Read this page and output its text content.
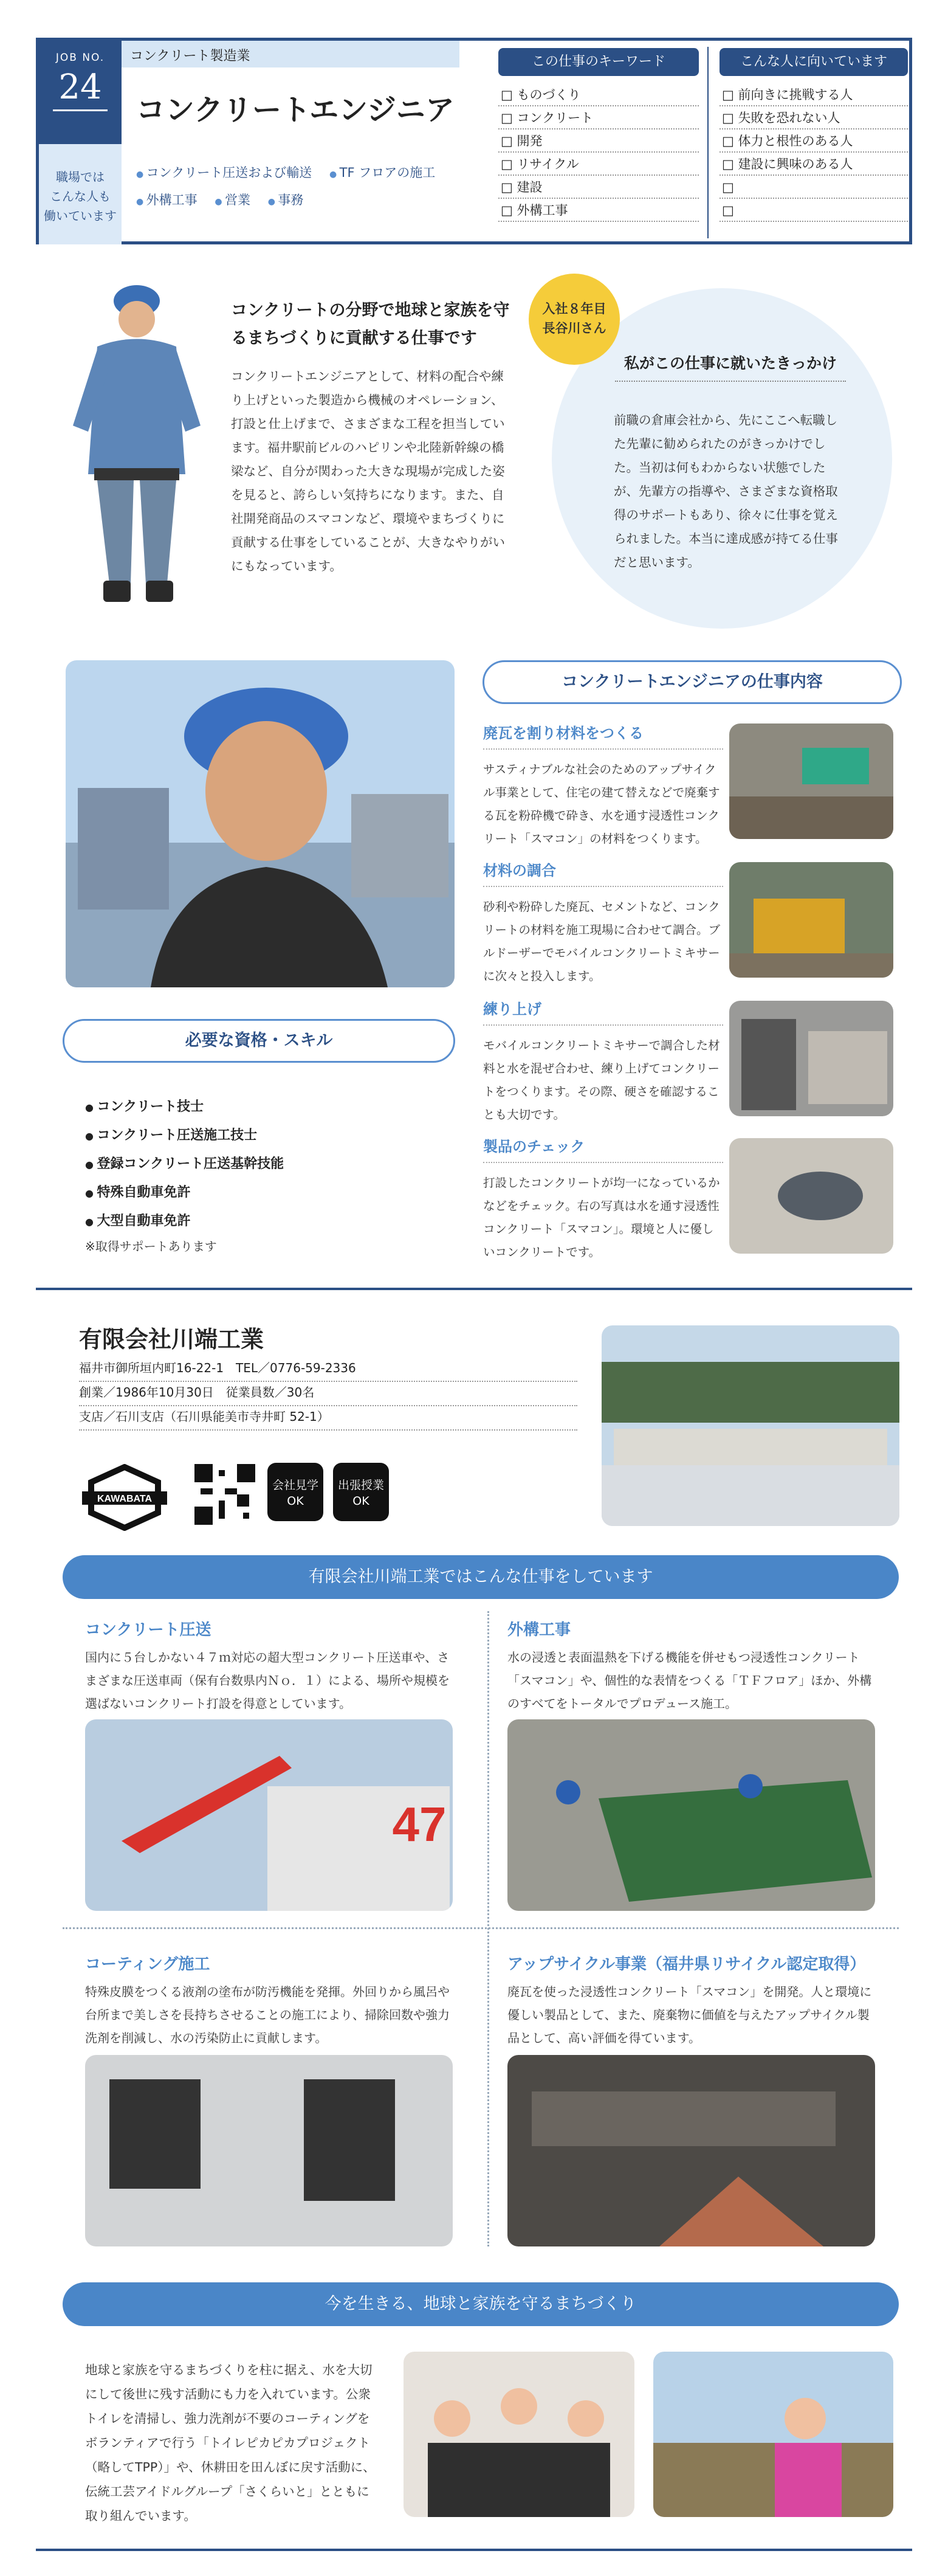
JOB NO.
24
コンクリート製造業
コンクリートエンジニア
職場では
こんな人も
働いています
● コンクリート圧送および輸送 ● TF フロアの施工
● 外構工事 ● 営業 ● 事務
この仕事のキーワード
□ ものづくり
□ コンクリート
□ 開発
□ リサイクル
□ 建設
□ 外構工事
こんな人に向いています
□ 前向きに挑戦する人
□ 失敗を恐れない人
□ 体力と根性のある人
□ 建設に興味のある人
□
□
コンクリートの分野で地球と家族を守るまちづくりに貢献する仕事です
コンクリートエンジニアとして、材料の配合や練り上げといった製造から機械のオペレーション、打設と仕上げまで、さまざまな工程を担当しています。福井駅前ビルのハピリンや北陸新幹線の橋梁など、自分が関わった大きな現場が完成した姿を見ると、誇らしい気持ちになります。また、自社開発商品のスマコンなど、環境やまちづくりに貢献する仕事をしていることが、大きなやりがいにもなっています。
入社８年目
長谷川さん
私がこの仕事に就いたきっかけ
前職の倉庫会社から、先にここへ転職した先輩に勧められたのがきっかけでした。当初は何もわからない状態でしたが、先輩方の指導や、さまざまな資格取得のサポートもあり、徐々に仕事を覚えられました。本当に達成感が持てる仕事だと思います。
コンクリートエンジニアの仕事内容
廃瓦を割り材料をつくる
サスティナブルな社会のためのアップサイクル事業として、住宅の建て替えなどで廃棄する瓦を粉砕機で砕き、水を通す浸透性コンクリート「スマコン」の材料をつくります。
材料の調合
砂利や粉砕した廃瓦、セメントなど、コンクリートの材料を施工現場に合わせて調合。ブルドーザーでモバイルコンクリートミキサーに次々と投入します。
練り上げ
モバイルコンクリートミキサーで調合した材料と水を混ぜ合わせ、練り上げてコンクリートをつくります。その際、硬さを確認することも大切です。
製品のチェック
打設したコンクリートが均一になっているかなどをチェック。右の写真は水を通す浸透性コンクリート「スマコン」。環境と人に優しいコンクリートです。
必要な資格・スキル
● コンクリート技士
● コンクリート圧送施工技士
● 登録コンクリート圧送基幹技能
● 特殊自動車免許
● 大型自動車免許
※取得サポートあります
有限会社川端工業
福井市御所垣内町16-22-1　TEL／0776-59-2336
創業／1986年10月30日　従業員数／30名
支店／石川支店（石川県能美市寺井町 52-1）
KAWABATA
会社見学
OK
出張授業
OK
有限会社川端工業ではこんな仕事をしています
コンクリート圧送
国内に５台しかない４７ｍ対応の超大型コンクリート圧送車や、さまざまな圧送車両（保有台数県内Ｎｏ．１）による、場所や規模を選ばないコンクリート打設を得意としています。
外構工事
水の浸透と表面温熱を下げる機能を併せもつ浸透性コンクリート「スマコン」や、個性的な表情をつくる「ＴＦフロア」ほか、外構のすべてをトータルでプロデュース施工。
47
コーティング施工
特殊皮膜をつくる液剤の塗布が防汚機能を発揮。外回りから風呂や台所まで美しさを長持ちさせることの施工により、掃除回数や強力洗剤を削減し、水の汚染防止に貢献します。
アップサイクル事業（福井県リサイクル認定取得）
廃瓦を使った浸透性コンクリート「スマコン」を開発。人と環境に優しい製品として、また、廃棄物に価値を与えたアップサイクル製品として、高い評価を得ています。
今を生きる、地球と家族を守るまちづくり
地球と家族を守るまちづくりを柱に据え、水を大切にして後世に残す活動にも力を入れています。公衆トイレを清掃し、強力洗剤が不要のコーティングをボランティアで行う「トイレピカピカプロジェクト（略してTPP）」や、休耕田を田んぼに戻す活動に、伝統工芸アイドルグループ「さくらいと」とともに取り組んでいます。
